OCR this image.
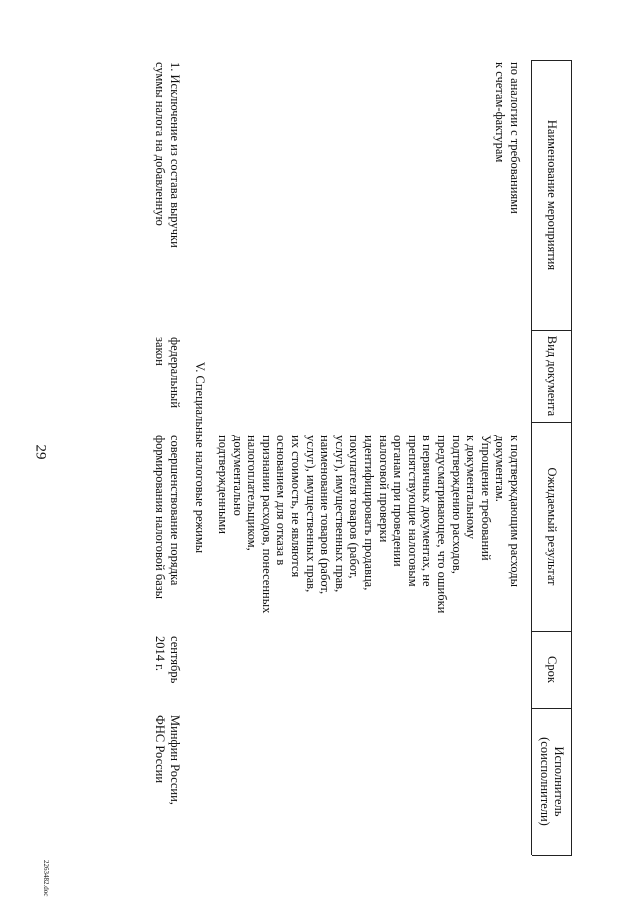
29
2263482.doc
Наименование мероприятия
Вид документа
Ожидаемый результат
Срок
Исполнитель
(соисполнители)
по аналогии с требованиями
к счетам-фактурам
к подтверждающим расходы
документам.
Упрощение требований
к документальному
подтверждению расходов,
предусматривающее, что ошибки
в первичных документах, не
препятствующие налоговым
органам при проведении
налоговой проверки
идентифицировать продавца,
покупателя товаров (работ,
услуг), имущественных прав,
наименование товаров (работ,
услуг), имущественных прав,
их стоимость, не являются
основанием для отказа в
признании расходов, понесенных
налогоплательщиком,
документально
подтвержденными
V. Специальные налоговые режимы
1. Исключение из состава выручки
суммы налога на добавленную
федеральный
закон
совершенствование порядка
формирования налоговой базы
сентябрь
2014 г.
Минфин России,
ФНС России
